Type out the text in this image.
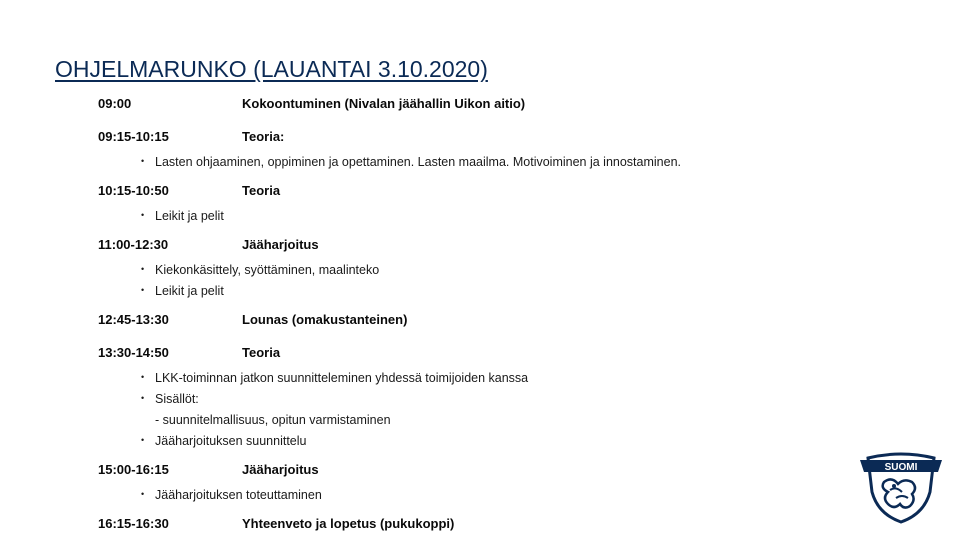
OHJELMARUNKO (LAUANTAI 3.10.2020)
09:00	Kokoontuminen (Nivalan jäähallin Uikon aitio)
09:15-10:15	Teoria:
• Lasten ohjaaminen, oppiminen ja opettaminen. Lasten maailma. Motivoiminen ja innostaminen.
10:15-10:50	Teoria
• Leikit ja pelit
11:00-12:30	Jääharjoitus
• Kiekonkäsittely, syöttäminen, maalinteko
• Leikit ja pelit
12:45-13:30	Lounas (omakustanteinen)
13:30-14:50	Teoria
• LKK-toiminnan jatkon suunnitteleminen yhdessä toimijoiden kanssa
• Sisällöt:
- suunnitelmallisuus, opitun varmistaminen
• Jääharjoituksen suunnittelu
15:00-16:15	Jääharjoitus
• Jääharjoituksen toteuttaminen
16:15-16:30	Yhteenveto ja lopetus (pukukoppi)
SUOMI
